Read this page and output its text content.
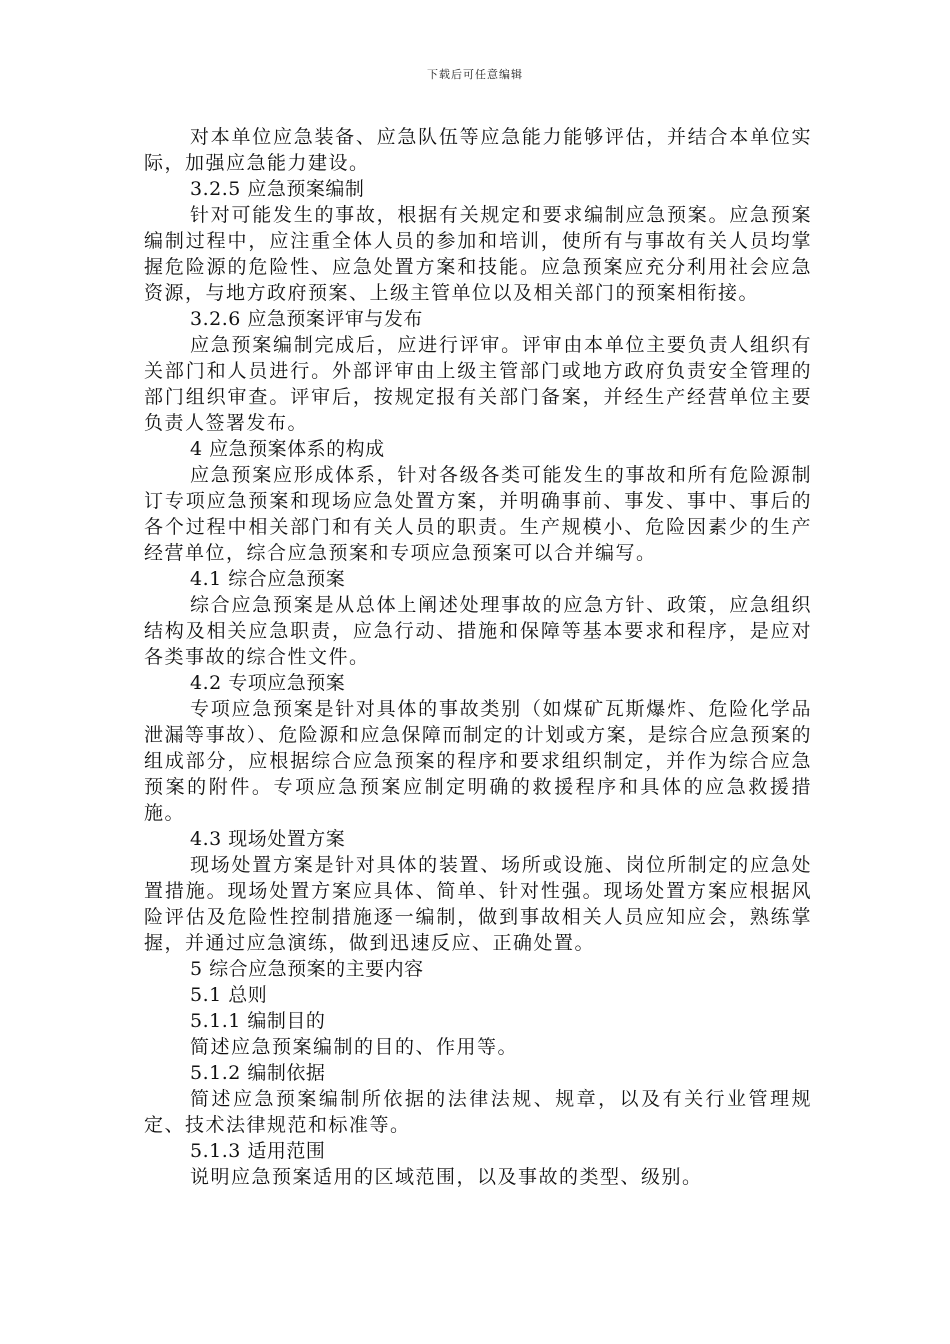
下载后可任意编辑

对本单位应急装备、应急队伍等应急能力能够评估，并结合本单位实际，加强应急能力建设。

3.2.5 应急预案编制

针对可能发生的事故，根据有关规定和要求编制应急预案。应急预案编制过程中，应注重全体人员的参加和培训，使所有与事故有关人员均掌握危险源的危险性、应急处置方案和技能。应急预案应充分利用社会应急资源，与地方政府预案、上级主管单位以及相关部门的预案相衔接。

3.2.6 应急预案评审与发布

应急预案编制完成后，应进行评审。评审由本单位主要负责人组织有关部门和人员进行。外部评审由上级主管部门或地方政府负责安全管理的部门组织审查。评审后，按规定报有关部门备案，并经生产经营单位主要负责人签署发布。

4 应急预案体系的构成

应急预案应形成体系，针对各级各类可能发生的事故和所有危险源制订专项应急预案和现场应急处置方案，并明确事前、事发、事中、事后的各个过程中相关部门和有关人员的职责。生产规模小、危险因素少的生产经营单位，综合应急预案和专项应急预案可以合并编写。

4.1 综合应急预案

综合应急预案是从总体上阐述处理事故的应急方针、政策，应急组织结构及相关应急职责，应急行动、措施和保障等基本要求和程序，是应对各类事故的综合性文件。

4.2 专项应急预案

专项应急预案是针对具体的事故类别（如煤矿瓦斯爆炸、危险化学品泄漏等事故）、危险源和应急保障而制定的计划或方案，是综合应急预案的组成部分，应根据综合应急预案的程序和要求组织制定，并作为综合应急预案的附件。专项应急预案应制定明确的救援程序和具体的应急救援措施。

4.3 现场处置方案

现场处置方案是针对具体的装置、场所或设施、岗位所制定的应急处置措施。现场处置方案应具体、简单、针对性强。现场处置方案应根据风险评估及危险性控制措施逐一编制，做到事故相关人员应知应会，熟练掌握，并通过应急演练，做到迅速反应、正确处置。

5 综合应急预案的主要内容

5.1 总则

5.1.1 编制目的

简述应急预案编制的目的、作用等。

5.1.2 编制依据

简述应急预案编制所依据的法律法规、规章，以及有关行业管理规定、技术法律规范和标准等。

5.1.3 适用范围

说明应急预案适用的区域范围，以及事故的类型、级别。
